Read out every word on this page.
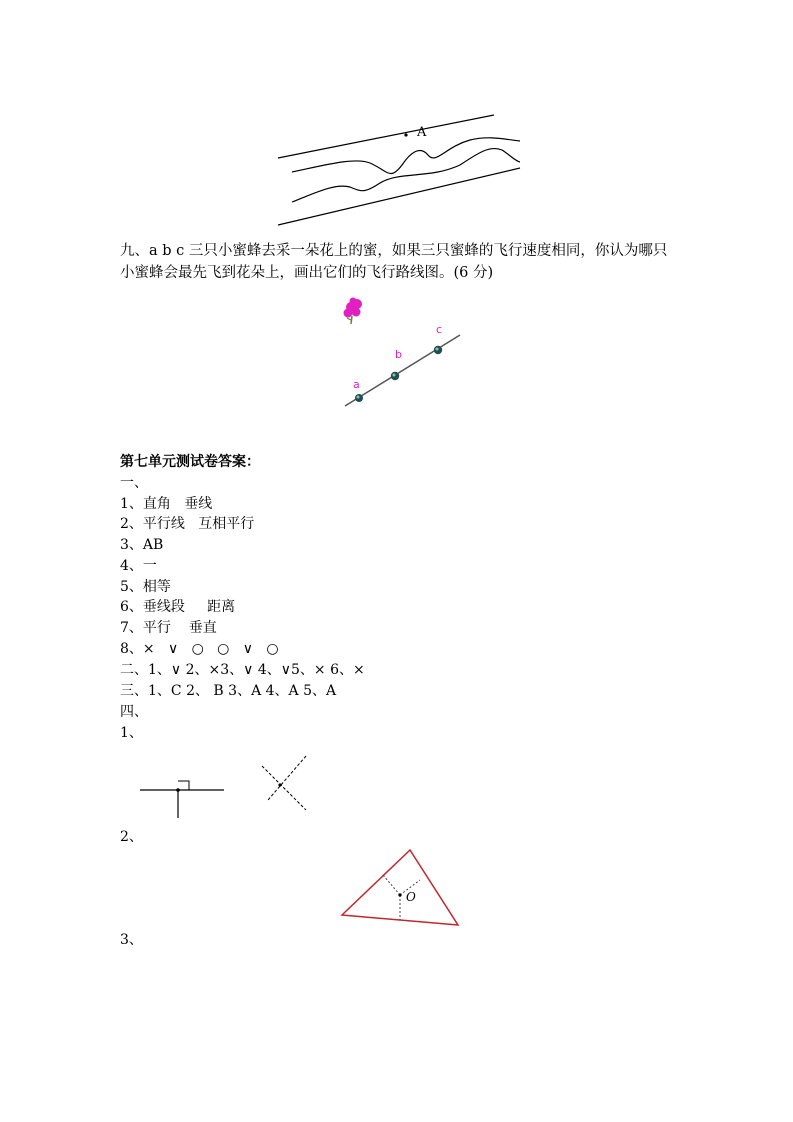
A
九、a b c 三只小蜜蜂去采一朵花上的蜜，如果三只蜜蜂的飞行速度相同，你认为哪只小蜜蜂会最先飞到花朵上，画出它们的飞行路线图。(6 分)
a
b
c
第七单元测试卷答案：
一、
1、直角   垂线
2、平行线   互相平行
3、AB
4、一
5、相等
6、垂线段     距离
7、平行    垂直
8、×   ∨   ○   ○   ∨   ○
二、1、∨ 2、×3、∨ 4、∨5、× 6、×
三、1、C 2、 B 3、A 4、A 5、A
四、
1、
2、
O
3、
